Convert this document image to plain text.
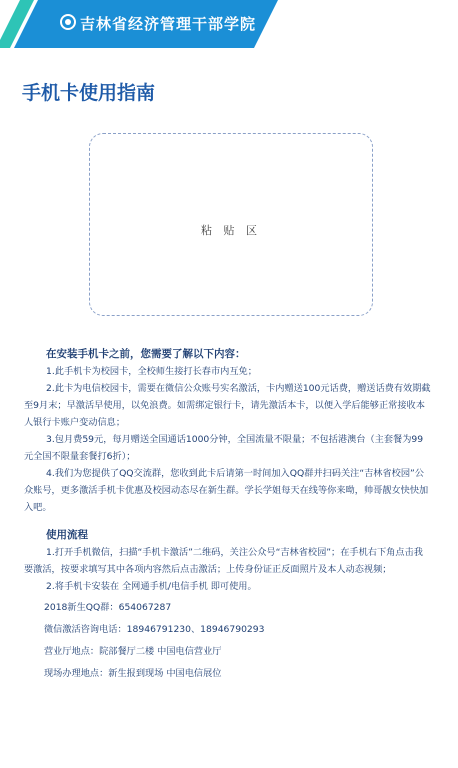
吉林省经济管理干部学院
手机卡使用指南
粘 贴 区

在安装手机卡之前，您需要了解以下内容：

1.此手机卡为校园卡，全校师生接打长春市内互免；

2.此卡为电信校园卡，需要在微信公众账号实名激活，卡内赠送100元话费，赠送话费有效期截至9月末；早激活早使用，以免浪费。如需绑定银行卡，请先激活本卡，以便入学后能够正常接收本人银行卡账户变动信息；

3.包月费59元，每月赠送全国通话1000分钟，全国流量不限量；不包括港澳台（主套餐为99元全国不限量套餐打6折）；

4.我们为您提供了QQ交流群，您收到此卡后请第一时间加入QQ群并扫码关注“吉林省校园”公众账号，更多激活手机卡优惠及校园动态尽在新生群。学长学姐每天在线等你来呦，帅哥靓女快快加入吧。

使用流程

1.打开手机微信，扫描“手机卡激活”二维码，关注公众号“吉林省校园”；在手机右下角点击我要激活，按要求填写其中各项内容然后点击激活；上传身份证正反面照片及本人动态视频；

2.将手机卡安装在 全网通手机/电信手机 即可使用。

2018新生QQ群：654067287

微信激活咨询电话：18946791230、18946790293

营业厅地点：院部餐厅二楼 中国电信营业厅

现场办理地点：新生报到现场 中国电信展位
